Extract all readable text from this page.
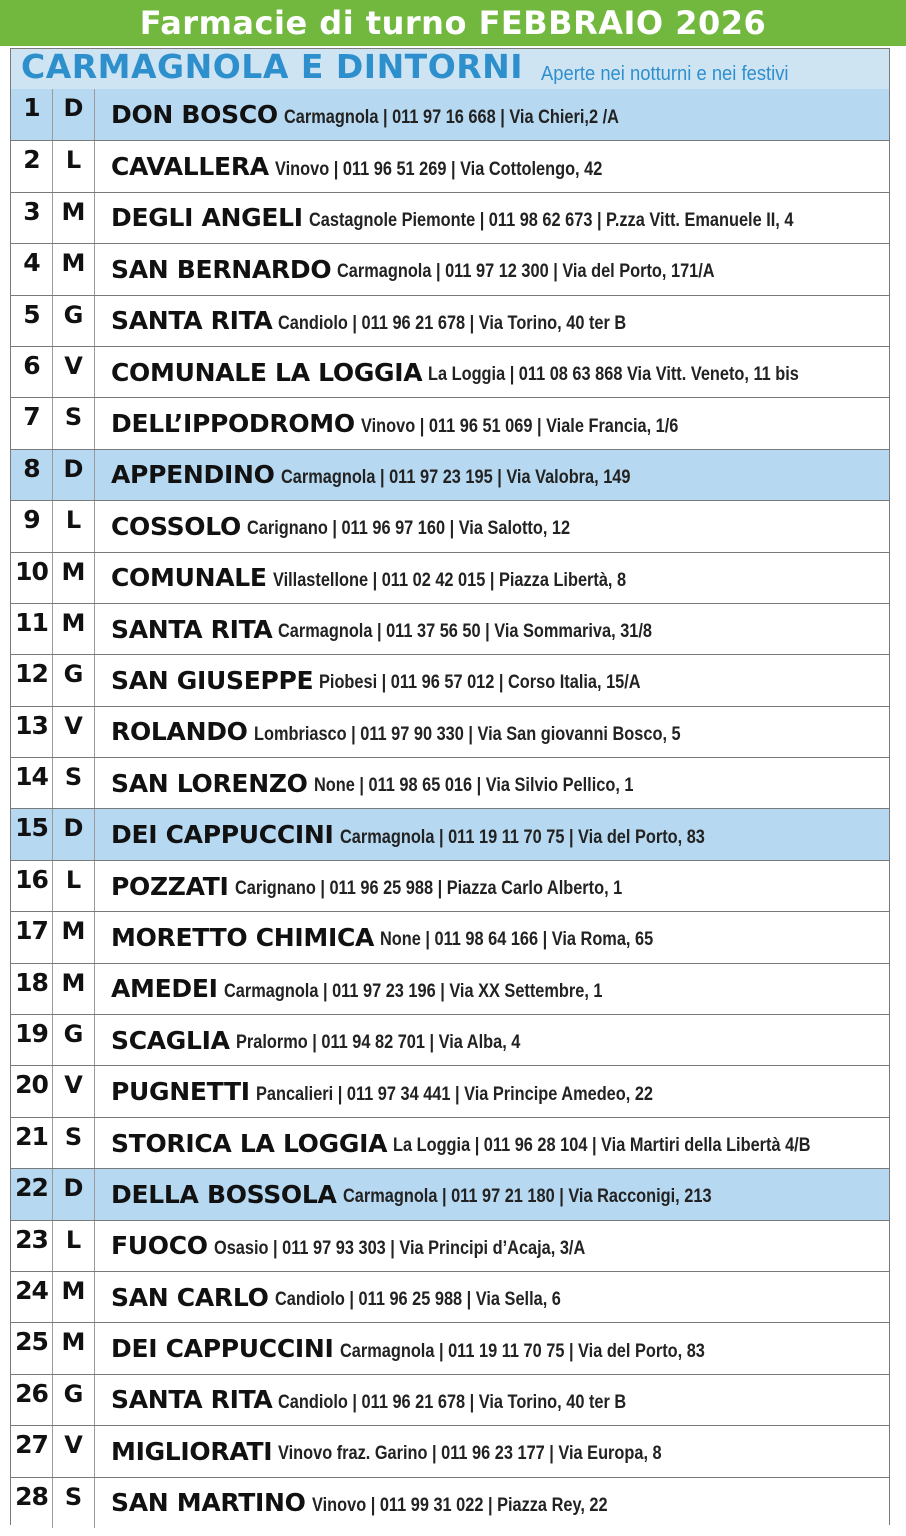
Farmacie di turno FEBBRAIO 2026
CARMAGNOLA E DINTORNI Aperte nei notturni e nei festivi
1 D	DON BOSCO Carmagnola | 011 97 16 668 | Via Chieri,2 /A
2	L	CAVALLERA Vinovo | 011 96 51 269 | Via Cottolengo, 42
3 M	DEGLI ANGELI Castagnole Piemonte | 011 98 62 673 | P.zza Vitt. Emanuele II, 4
4 M	SAN BERNARDO Carmagnola | 011 97 12 300 | Via del Porto, 171/A
5 G	SANTA RITA Candiolo | 011 96 21 678 | Via Torino, 40 ter B
6	V	COMUNALE LA LOGGIA La Loggia | 011 08 63 868 Via Vitt. Veneto, 11 bis
7	S	DELL’IPPODROMO Vinovo | 011 96 51 069 | Viale Francia, 1/6
8 D	APPENDINO Carmagnola | 011 97 23 195 | Via Valobra, 149
9	L	COSSOLO Carignano | 011 96 97 160 | Via Salotto, 12
10 M	COMUNALE Villastellone | 011 02 42 015 | Piazza Libertà, 8
11 M	SANTA RITA Carmagnola | 011 37 56 50 | Via Sommariva, 31/8
12 G	SAN GIUSEPPE Piobesi | 011 96 57 012 | Corso Italia, 15/A
13 V	ROLANDO Lombriasco | 011 97 90 330 | Via San giovanni Bosco, 5
14 S	SAN LORENZO None | 011 98 65 016 | Via Silvio Pellico, 1
15 D	DEI CAPPUCCINI Carmagnola | 011 19 11 70 75 | Via del Porto, 83
16 L	POZZATI Carignano | 011 96 25 988 | Piazza Carlo Alberto, 1
17 M	MORETTO CHIMICA None | 011 98 64 166 | Via Roma, 65
18 M	AMEDEI Carmagnola | 011 97 23 196 | Via XX Settembre, 1
19 G	SCAGLIA Pralormo | 011 94 82 701 | Via Alba, 4
20 V	PUGNETTI Pancalieri | 011 97 34 441 | Via Principe Amedeo, 22
21 S	STORICA LA LOGGIA La Loggia | 011 96 28 104 | Via Martiri della Libertà 4/B
22 D	DELLA BOSSOLA Carmagnola | 011 97 21 180 | Via Racconigi, 213
23 L	FUOCO Osasio | 011 97 93 303 | Via Principi d’Acaja, 3/A
24 M	SAN CARLO Candiolo | 011 96 25 988 | Via Sella, 6
25 M	DEI CAPPUCCINI Carmagnola | 011 19 11 70 75 | Via del Porto, 83
26 G	SANTA RITA Candiolo | 011 96 21 678 | Via Torino, 40 ter B
27 V	MIGLIORATI Vinovo fraz. Garino | 011 96 23 177 | Via Europa, 8
28 S	SAN MARTINO Vinovo | 011 99 31 022 | Piazza Rey, 22
